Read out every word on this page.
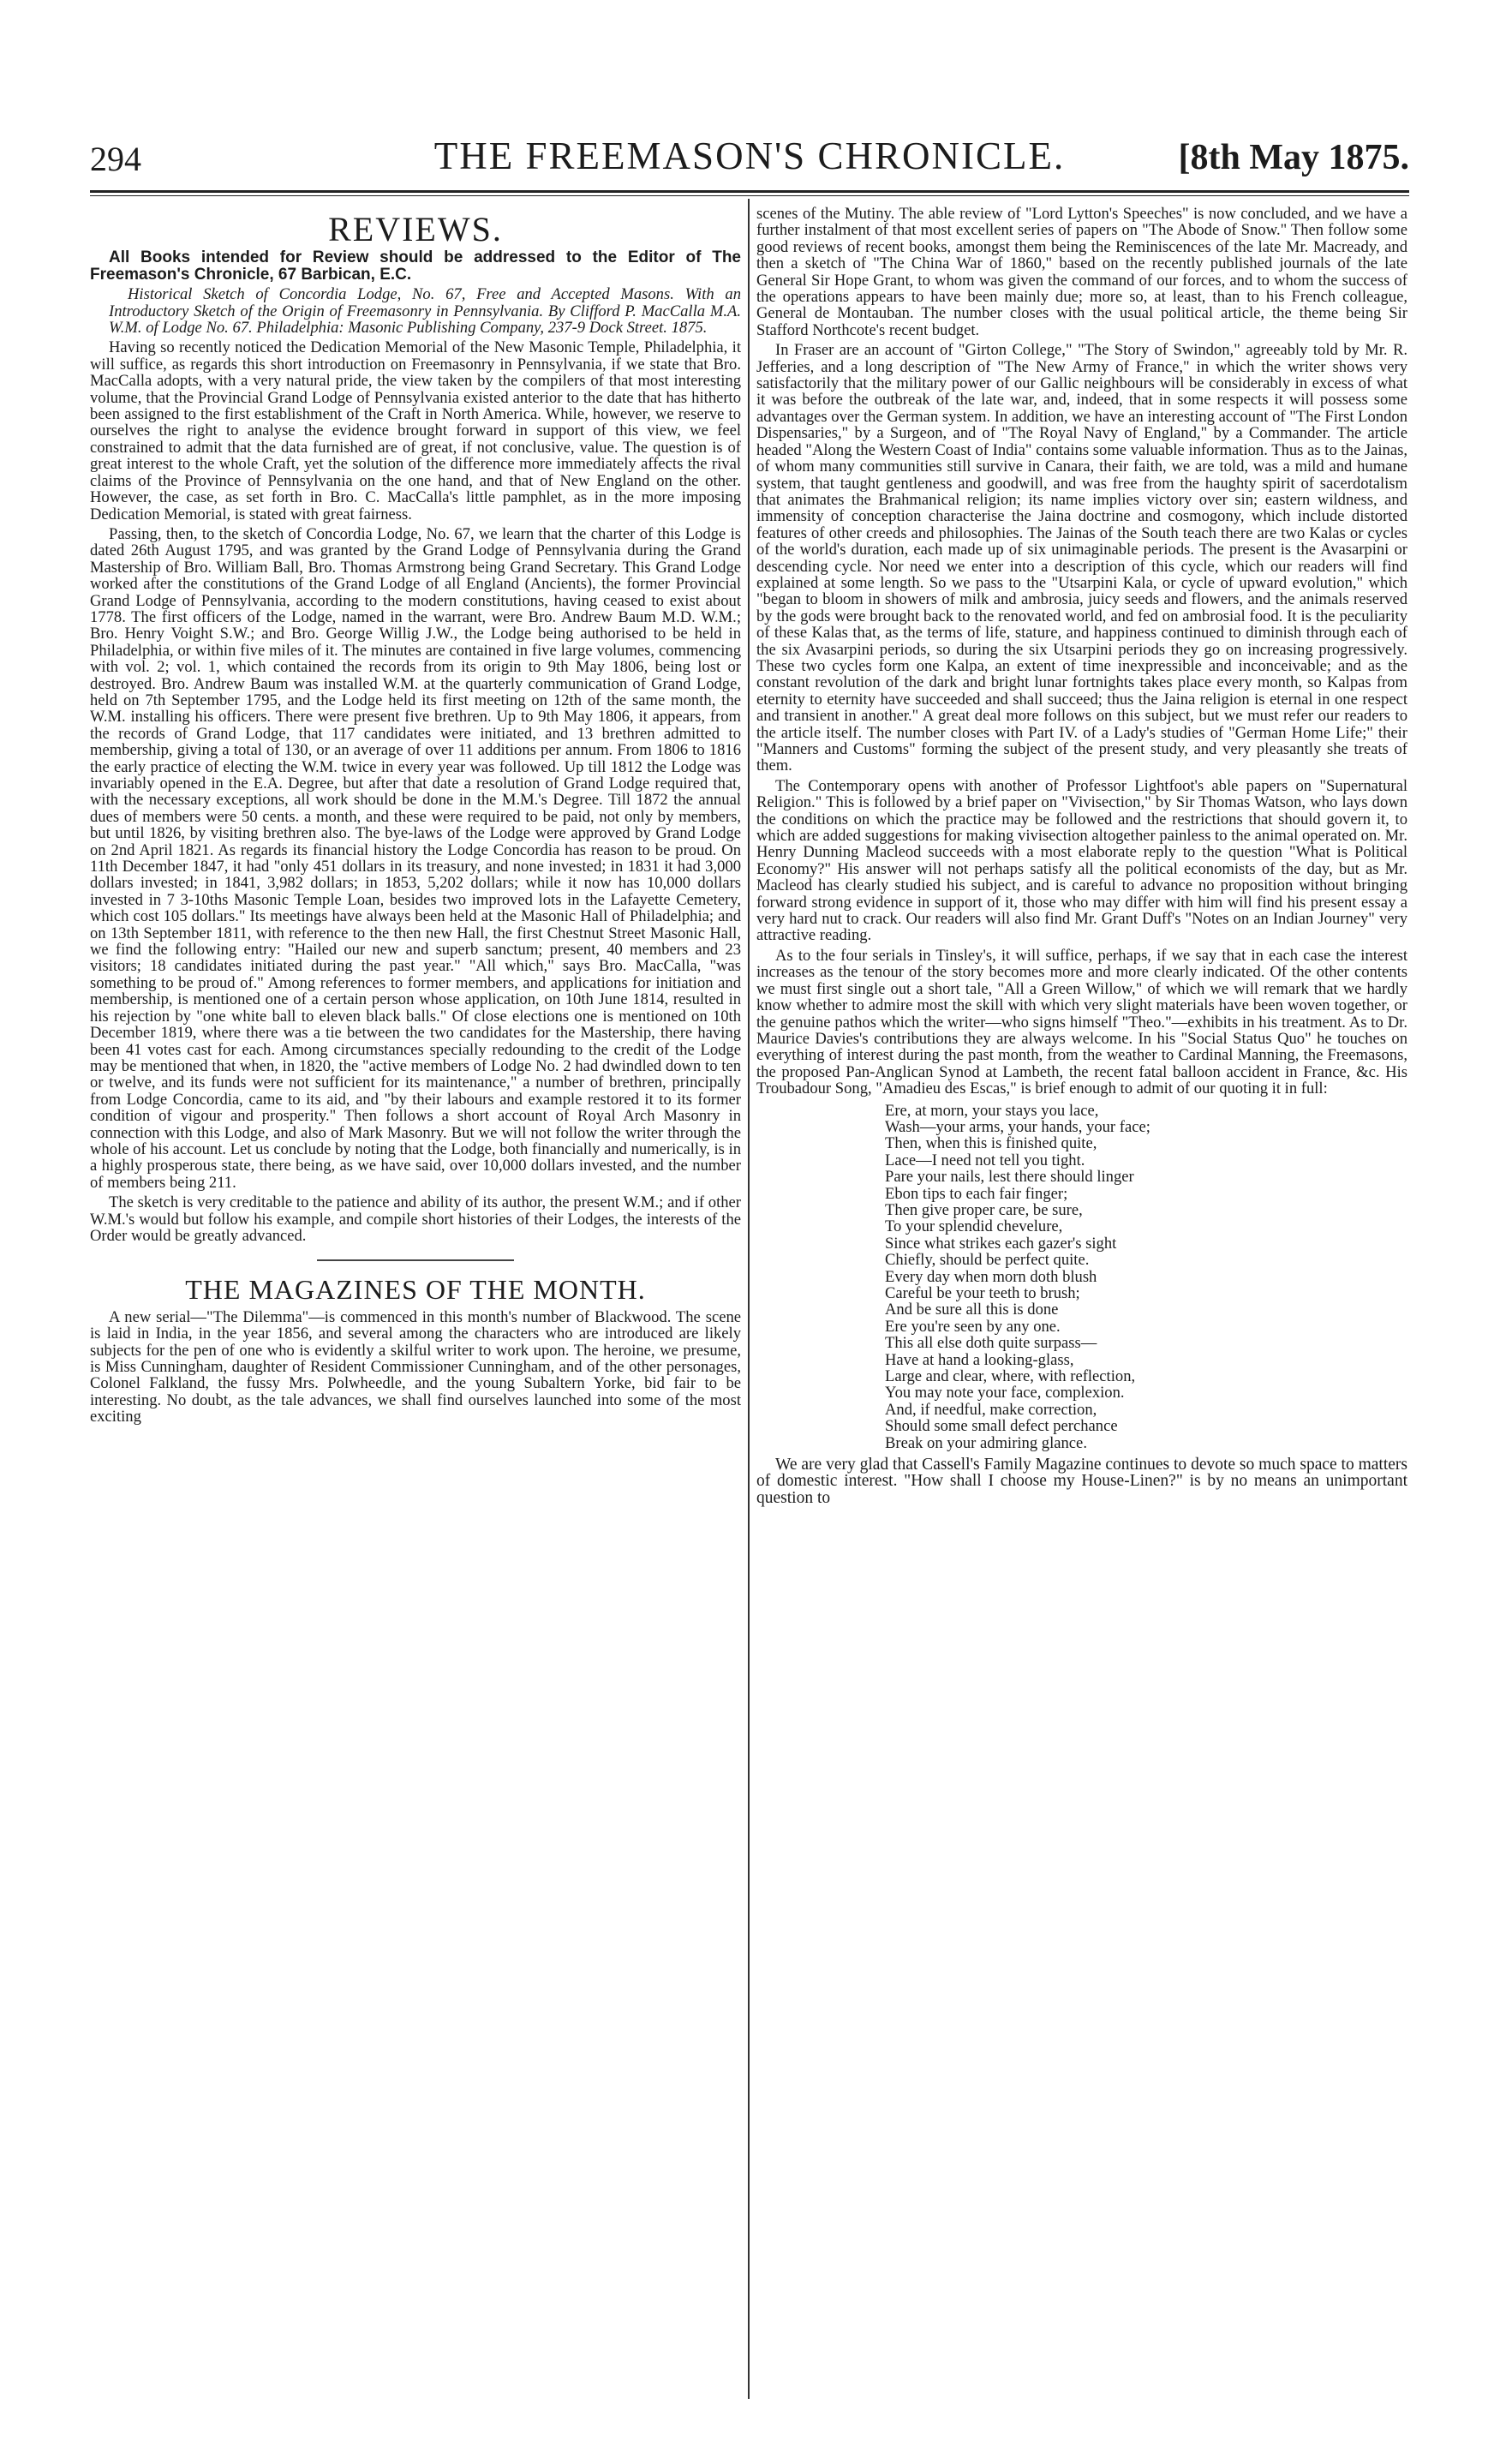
294	THE FREEMASON'S CHRONICLE.	[8th May 1875.
REVIEWS.

All Books intended for Review should be addressed to the Editor of The Freemason's Chronicle, 67 Barbican, E.C.

Historical Sketch of Concordia Lodge, No. 67, Free and Accepted Masons. With an Introductory Sketch of the Origin of Freemasonry in Pennsylvania. By Clifford P. MacCalla M.A. W.M. of Lodge No. 67. Philadelphia: Masonic Publishing Company, 237-9 Dock Street. 1875.

Having so recently noticed the Dedication Memorial of the New Masonic Temple, Philadelphia, it will suffice, as regards this short introduction on Freemasonry in Pennsylvania, if we state that Bro. MacCalla adopts, with a very natural pride, the view taken by the compilers of that most interesting volume, that the Provincial Grand Lodge of Pennsylvania existed anterior to the date that has hitherto been assigned to the first establishment of the Craft in North America. While, however, we reserve to ourselves the right to analyse the evidence brought forward in support of this view, we feel constrained to admit that the data furnished are of great, if not conclusive, value. The question is of great interest to the whole Craft, yet the solution of the difference more immediately affects the rival claims of the Province of Pennsylvania on the one hand, and that of New England on the other. However, the case, as set forth in Bro. C. MacCalla's little pamphlet, as in the more imposing Dedication Memorial, is stated with great fairness.

Passing, then, to the sketch of Concordia Lodge, No. 67, we learn that the charter of this Lodge is dated 26th August 1795, and was granted by the Grand Lodge of Pennsylvania during the Grand Mastership of Bro. William Ball, Bro. Thomas Armstrong being Grand Secretary. This Grand Lodge worked after the constitutions of the Grand Lodge of all England (Ancients), the former Provincial Grand Lodge of Pennsylvania, according to the modern constitutions, having ceased to exist about 1778. The first officers of the Lodge, named in the warrant, were Bro. Andrew Baum M.D. W.M.; Bro. Henry Voight S.W.; and Bro. George Willig J.W., the Lodge being authorised to be held in Philadelphia, or within five miles of it. The minutes are contained in five large volumes, commencing with vol. 2; vol. 1, which contained the records from its origin to 9th May 1806, being lost or destroyed. Bro. Andrew Baum was installed W.M. at the quarterly communication of Grand Lodge, held on 7th September 1795, and the Lodge held its first meeting on 12th of the same month, the W.M. installing his officers. There were present five brethren. Up to 9th May 1806, it appears, from the records of Grand Lodge, that 117 candidates were initiated, and 13 brethren admitted to membership, giving a total of 130, or an average of over 11 additions per annum. From 1806 to 1816 the early practice of electing the W.M. twice in every year was followed. Up till 1812 the Lodge was invariably opened in the E.A. Degree, but after that date a resolution of Grand Lodge required that, with the necessary exceptions, all work should be done in the M.M.'s Degree. Till 1872 the annual dues of members were 50 cents. a month, and these were required to be paid, not only by members, but until 1826, by visiting brethren also. The bye-laws of the Lodge were approved by Grand Lodge on 2nd April 1821. As regards its financial history the Lodge Concordia has reason to be proud. On 11th December 1847, it had "only 451 dollars in its treasury, and none invested; in 1831 it had 3,000 dollars invested; in 1841, 3,982 dollars; in 1853, 5,202 dollars; while it now has 10,000 dollars invested in 7 3-10ths Masonic Temple Loan, besides two improved lots in the Lafayette Cemetery, which cost 105 dollars." Its meetings have always been held at the Masonic Hall of Philadelphia; and on 13th September 1811, with reference to the then new Hall, the first Chestnut Street Masonic Hall, we find the following entry: "Hailed our new and superb sanctum; present, 40 members and 23 visitors; 18 candidates initiated during the past year." "All which," says Bro. MacCalla, "was something to be proud of." Among references to former members, and applications for initiation and membership, is mentioned one of a certain person whose application, on 10th June 1814, resulted in his rejection by "one white ball to eleven black balls." Of close elections one is mentioned on 10th December 1819, where there was a tie between the two candidates for the Mastership, there having been 41 votes cast for each. Among circumstances specially redounding to the credit of the Lodge may be mentioned that when, in 1820, the "active members of Lodge No. 2 had dwindled down to ten or twelve, and its funds were not sufficient for its maintenance," a number of brethren, principally from Lodge Concordia, came to its aid, and "by their labours and example restored it to its former condition of vigour and prosperity." Then follows a short account of Royal Arch Masonry in connection with this Lodge, and also of Mark Masonry. But we will not follow the writer through the whole of his account. Let us conclude by noting that the Lodge, both financially and numerically, is in a highly prosperous state, there being, as we have said, over 10,000 dollars invested, and the number of members being 211.

The sketch is very creditable to the patience and ability of its author, the present W.M.; and if other W.M.'s would but follow his example, and compile short histories of their Lodges, the interests of the Order would be greatly advanced.

THE MAGAZINES OF THE MONTH.

A new serial—"The Dilemma"—is commenced in this month's number of Blackwood. The scene is laid in India, in the year 1856, and several among the characters who are introduced are likely subjects for the pen of one who is evidently a skilful writer to work upon. The heroine, we presume, is Miss Cunningham, daughter of Resident Commissioner Cunningham, and of the other personages, Colonel Falkland, the fussy Mrs. Polwheedle, and the young Subaltern Yorke, bid fair to be interesting. No doubt, as the tale advances, we shall find ourselves launched into some of the most exciting

scenes of the Mutiny. The able review of "Lord Lytton's Speeches" is now concluded, and we have a further instalment of that most excellent series of papers on "The Abode of Snow." Then follow some good reviews of recent books, amongst them being the Reminiscences of the late Mr. Macready, and then a sketch of "The China War of 1860," based on the recently published journals of the late General Sir Hope Grant, to whom was given the command of our forces, and to whom the success of the operations appears to have been mainly due; more so, at least, than to his French colleague, General de Montauban. The number closes with the usual political article, the theme being Sir Stafford Northcote's recent budget.

In Fraser are an account of "Girton College," "The Story of Swindon," agreeably told by Mr. R. Jefferies, and a long description of "The New Army of France," in which the writer shows very satisfactorily that the military power of our Gallic neighbours will be considerably in excess of what it was before the outbreak of the late war, and, indeed, that in some respects it will possess some advantages over the German system. In addition, we have an interesting account of "The First London Dispensaries," by a Surgeon, and of "The Royal Navy of England," by a Commander. The article headed "Along the Western Coast of India" contains some valuable information. Thus as to the Jainas, of whom many communities still survive in Canara, their faith, we are told, was a mild and humane system, that taught gentleness and goodwill, and was free from the haughty spirit of sacerdotalism that animates the Brahmanical religion; its name implies victory over sin; eastern wildness, and immensity of conception characterise the Jaina doctrine and cosmogony, which include distorted features of other creeds and philosophies. The Jainas of the South teach there are two Kalas or cycles of the world's duration, each made up of six unimaginable periods. The present is the Avasarpini or descending cycle. Nor need we enter into a description of this cycle, which our readers will find explained at some length. So we pass to the "Utsarpini Kala, or cycle of upward evolution," which "began to bloom in showers of milk and ambrosia, juicy seeds and flowers, and the animals reserved by the gods were brought back to the renovated world, and fed on ambrosial food. It is the peculiarity of these Kalas that, as the terms of life, stature, and happiness continued to diminish through each of the six Avasarpini periods, so during the six Utsarpini periods they go on increasing progressively. These two cycles form one Kalpa, an extent of time inexpressible and inconceivable; and as the constant revolution of the dark and bright lunar fortnights takes place every month, so Kalpas from eternity to eternity have succeeded and shall succeed; thus the Jaina religion is eternal in one respect and transient in another." A great deal more follows on this subject, but we must refer our readers to the article itself. The number closes with Part IV. of a Lady's studies of "German Home Life;" their "Manners and Customs" forming the subject of the present study, and very pleasantly she treats of them.

The Contemporary opens with another of Professor Lightfoot's able papers on "Supernatural Religion." This is followed by a brief paper on "Vivisection," by Sir Thomas Watson, who lays down the conditions on which the practice may be followed and the restrictions that should govern it, to which are added suggestions for making vivisection altogether painless to the animal operated on. Mr. Henry Dunning Macleod succeeds with a most elaborate reply to the question "What is Political Economy?" His answer will not perhaps satisfy all the political economists of the day, but as Mr. Macleod has clearly studied his subject, and is careful to advance no proposition without bringing forward strong evidence in support of it, those who may differ with him will find his present essay a very hard nut to crack. Our readers will also find Mr. Grant Duff's "Notes on an Indian Journey" very attractive reading.

As to the four serials in Tinsley's, it will suffice, perhaps, if we say that in each case the interest increases as the tenour of the story becomes more and more clearly indicated. Of the other contents we must first single out a short tale, "All a Green Willow," of which we will remark that we hardly know whether to admire most the skill with which very slight materials have been woven together, or the genuine pathos which the writer—who signs himself "Theo."—exhibits in his treatment. As to Dr. Maurice Davies's contributions they are always welcome. In his "Social Status Quo" he touches on everything of interest during the past month, from the weather to Cardinal Manning, the Freemasons, the proposed Pan-Anglican Synod at Lambeth, the recent fatal balloon accident in France, &c. His Troubadour Song, "Amadieu des Escas," is brief enough to admit of our quoting it in full:

Ere, at morn, your stays you lace,
Wash—your arms, your hands, your face;
Then, when this is finished quite,
Lace—I need not tell you tight.
Pare your nails, lest there should linger
Ebon tips to each fair finger;
Then give proper care, be sure,
To your splendid chevelure,
Since what strikes each gazer's sight
Chiefly, should be perfect quite.
Every day when morn doth blush
Careful be your teeth to brush;
And be sure all this is done
Ere you're seen by any one.
This all else doth quite surpass—
Have at hand a looking-glass,
Large and clear, where, with reflection,
You may note your face, complexion.
And, if needful, make correction,
Should some small defect perchance
Break on your admiring glance.

We are very glad that Cassell's Family Magazine continues to devote so much space to matters of domestic interest. "How shall I choose my House-Linen?" is by no means an unimportant question to
